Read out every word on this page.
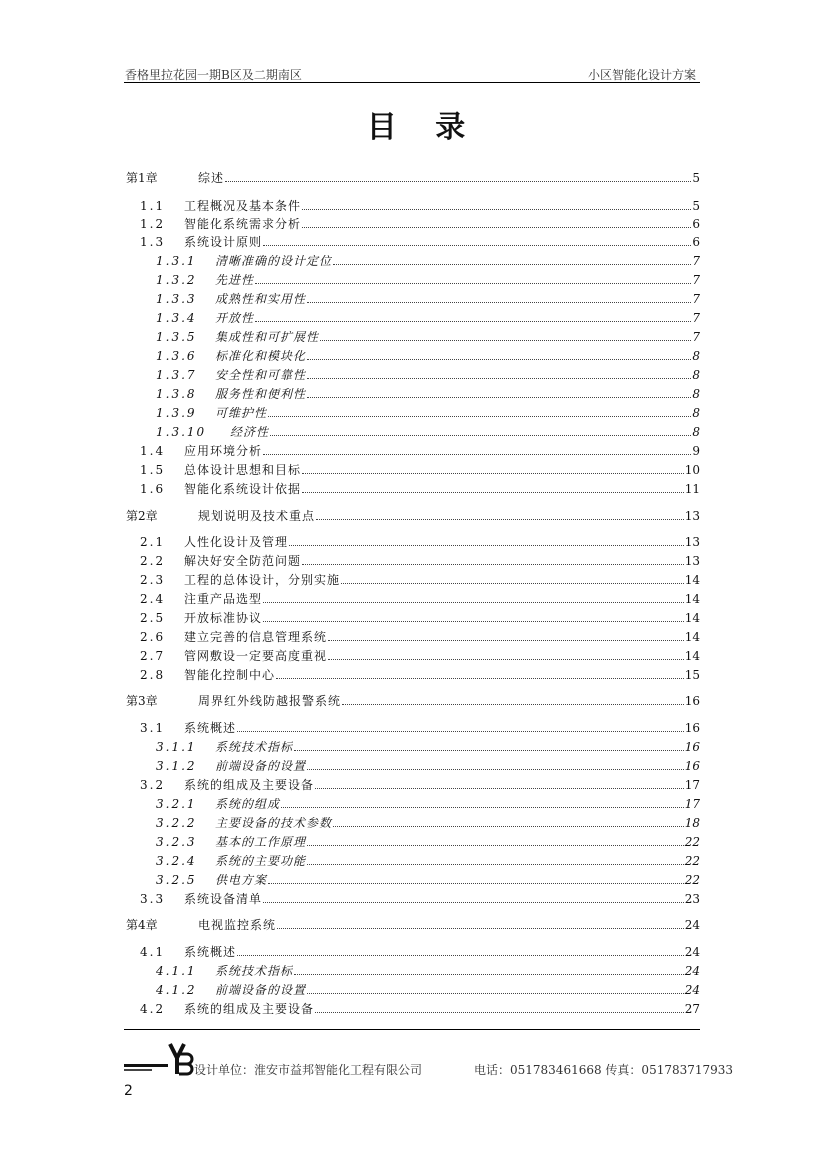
香格里拉花园一期B区及二期南区	小区智能化设计方案
目 录
第1章	综述	5
1.1	工程概况及基本条件	5
1.2	智能化系统需求分析	6
1.3	系统设计原则	6
1.3.1	清晰准确的设计定位	7
1.3.2	先进性	7
1.3.3	成熟性和实用性	7
1.3.4	开放性	7
1.3.5	集成性和可扩展性	7
1.3.6	标准化和模块化	8
1.3.7	安全性和可靠性	8
1.3.8	服务性和便利性	8
1.3.9	可维护性	8
1.3.10	经济性	8
1.4	应用环境分析	9
1.5	总体设计思想和目标	10
1.6	智能化系统设计依据	11
第2章	规划说明及技术重点	13
2.1	人性化设计及管理	13
2.2	解决好安全防范问题	13
2.3	工程的总体设计，分别实施	14
2.4	注重产品选型	14
2.5	开放标准协议	14
2.6	建立完善的信息管理系统	14
2.7	管网敷设一定要高度重视	14
2.8	智能化控制中心	15
第3章	周界红外线防越报警系统	16
3.1	系统概述	16
3.1.1	系统技术指标	16
3.1.2	前端设备的设置	16
3.2	系统的组成及主要设备	17
3.2.1	系统的组成	17
3.2.2	主要设备的技术参数	18
3.2.3	基本的工作原理	22
3.2.4	系统的主要功能	22
3.2.5	供电方案	22
3.3	系统设备清单	23
第4章	电视监控系统	24
4.1	系统概述	24
4.1.1	系统技术指标	24
4.1.2	前端设备的设置	24
4.2	系统的组成及主要设备	27
设计单位：淮安市益邦智能化工程有限公司	电话：051783461668 传真：051783717933
2
